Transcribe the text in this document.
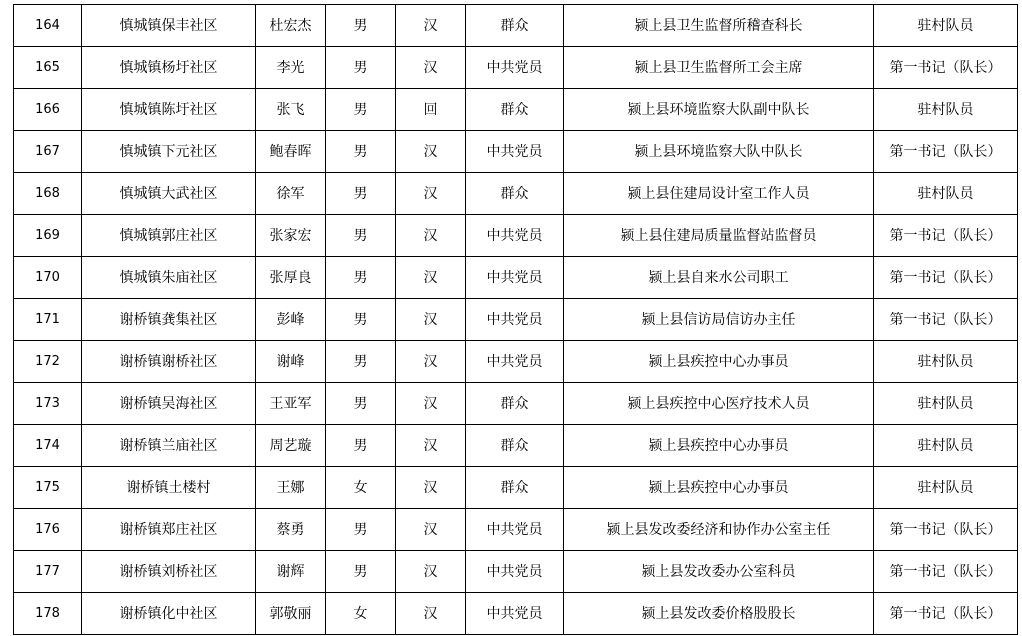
164	慎城镇保丰社区	杜宏杰	男	汉	群众	颍上县卫生监督所稽查科长	驻村队员
165	慎城镇杨圩社区	李光	男	汉	中共党员	颍上县卫生监督所工会主席	第一书记（队长）
166	慎城镇陈圩社区	张飞	男	回	群众	颍上县环境监察大队副中队长	驻村队员
167	慎城镇下元社区	鲍春晖	男	汉	中共党员	颍上县环境监察大队中队长	第一书记（队长）
168	慎城镇大武社区	徐军	男	汉	群众	颍上县住建局设计室工作人员	驻村队员
169	慎城镇郭庄社区	张家宏	男	汉	中共党员	颍上县住建局质量监督站监督员	第一书记（队长）
170	慎城镇朱庙社区	张厚良	男	汉	中共党员	颍上县自来水公司职工	第一书记（队长）
171	谢桥镇龚集社区	彭峰	男	汉	中共党员	颍上县信访局信访办主任	第一书记（队长）
172	谢桥镇谢桥社区	谢峰	男	汉	中共党员	颍上县疾控中心办事员	驻村队员
173	谢桥镇吴海社区	王亚军	男	汉	群众	颍上县疾控中心医疗技术人员	驻村队员
174	谢桥镇兰庙社区	周艺璇	男	汉	群众	颍上县疾控中心办事员	驻村队员
175	谢桥镇土楼村	王娜	女	汉	群众	颍上县疾控中心办事员	驻村队员
176	谢桥镇郑庄社区	蔡勇	男	汉	中共党员	颍上县发改委经济和协作办公室主任	第一书记（队长）
177	谢桥镇刘桥社区	谢辉	男	汉	中共党员	颍上县发改委办公室科员	第一书记（队长）
178	谢桥镇化中社区	郭敬丽	女	汉	中共党员	颍上县发改委价格股股长	第一书记（队长）
